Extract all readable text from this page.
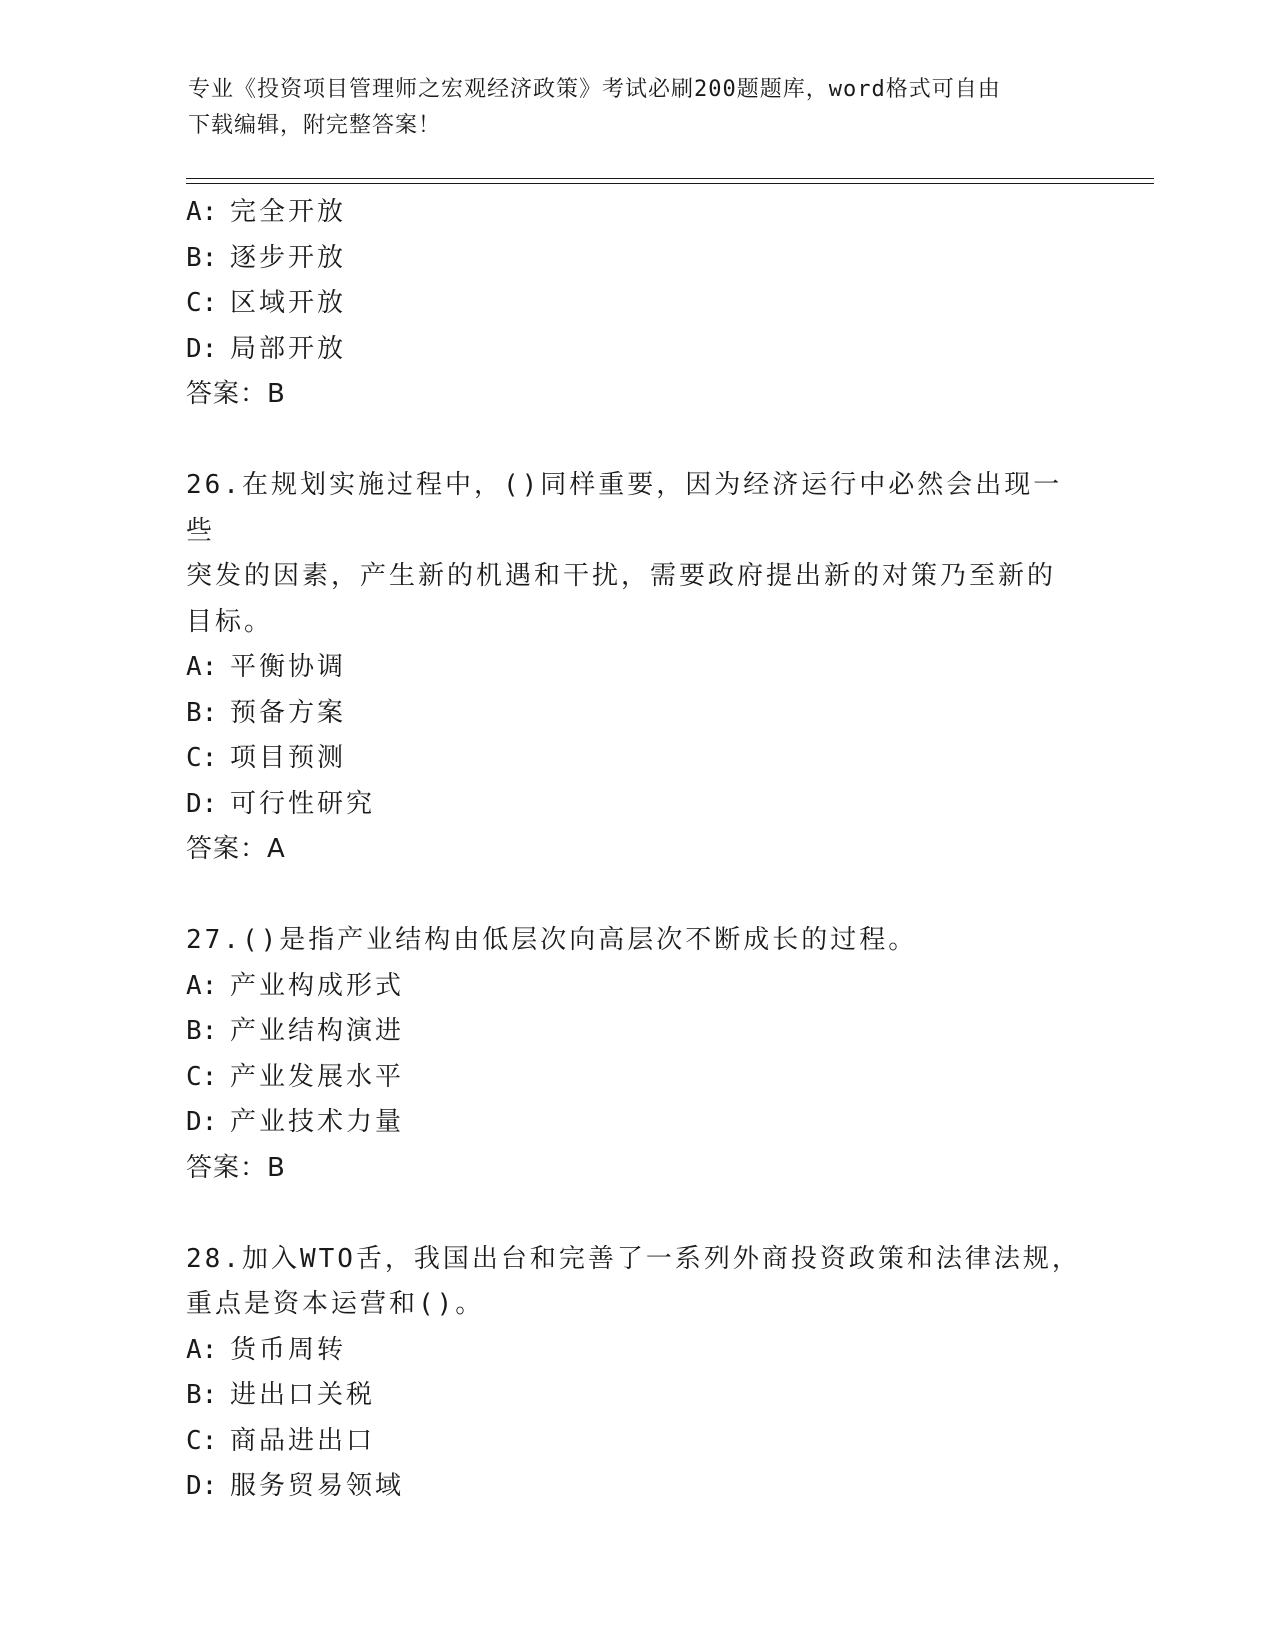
专业《投资项目管理师之宏观经济政策》考试必刷200题题库，word格式可自由
下载编辑，附完整答案！
A: 完全开放
B: 逐步开放
C: 区域开放
D: 局部开放
答案：B
26.在规划实施过程中，()同样重要，因为经济运行中必然会出现一些
突发的因素，产生新的机遇和干扰，需要政府提出新的对策乃至新的
目标。
A: 平衡协调
B: 预备方案
C: 项目预测
D: 可行性研究
答案：A
27.()是指产业结构由低层次向高层次不断成长的过程。
A: 产业构成形式
B: 产业结构演进
C: 产业发展水平
D: 产业技术力量
答案：B
28.加入WTO舌，我国出台和完善了一系列外商投资政策和法律法规，
重点是资本运营和()。
A: 货币周转
B: 进出口关税
C: 商品进出口
D: 服务贸易领域
